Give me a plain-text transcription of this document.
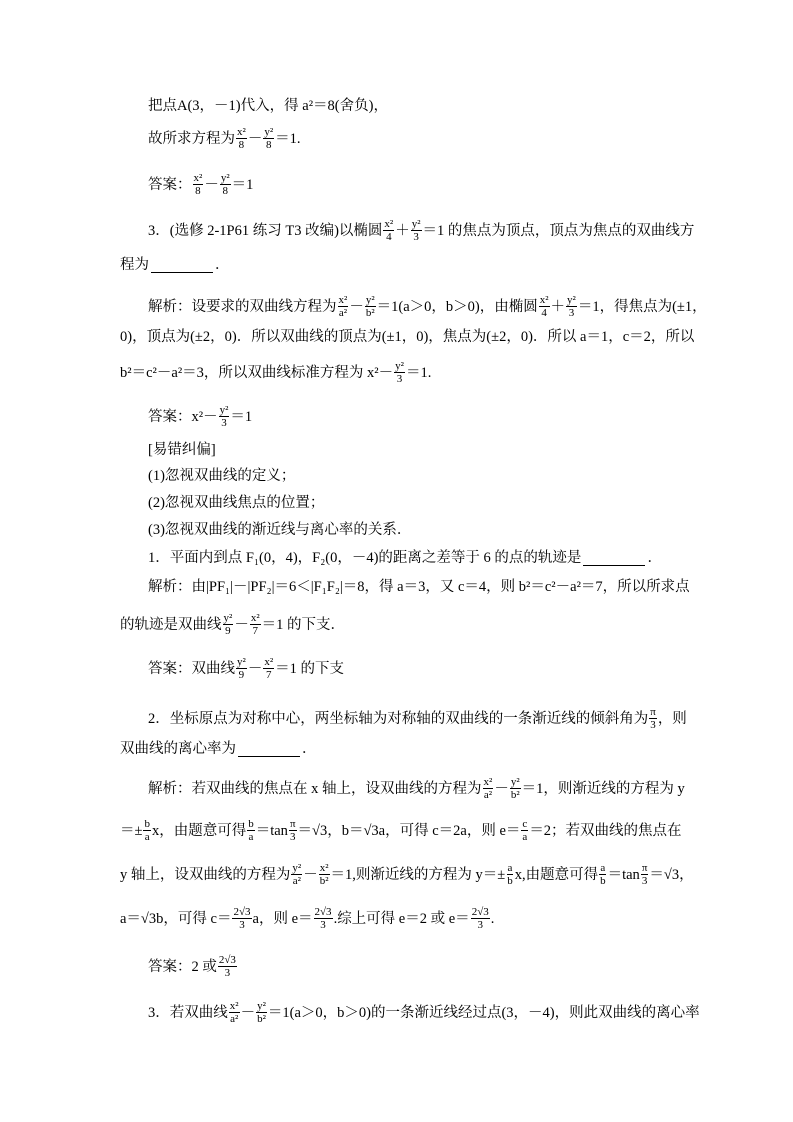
把点A(3，－1)代入，得 a²＝8(舍负)，
故所求方程为 $\frac{\text{x²}}{8} - \frac{\text{y²}}{8} =1$.
答案： $\frac{\text{x²}}{8} - \frac{\text{y²}}{8} =1$
3．(选修 2-1P61 练习 T3 改编)以椭圆 $\frac{\text{x²}}{4} + \frac{\text{y²}}{3} =1$ 的焦点为顶点，顶点为焦点的双曲线方
程为	．
解析：设要求的双曲线方程为 $\frac{\text{x²}}{\text{a²}} - \frac{\text{y²}}{\text{b²}} =1(a>0$，b＞0)，由椭圆 $\frac{\text{x²}}{4} + \frac{\text{y²}}{3} =1$，得焦点为(±1，
0)，顶点为(±2，0)．所以双曲线的顶点为(±1，0)，焦点为(±2，0)．所以 a＝1，c＝2，所以
b²＝c²－a²＝3，所以双曲线标准方程为 $x^2- \frac{\text{y²}}{3} =1$.
答案：$x^2- \frac{\text{y²}}{3} =1$
[易错纠偏]
(1)忽视双曲线的定义；
(2)忽视双曲线焦点的位置；
(3)忽视双曲线的渐近线与离心率的关系．
1．平面内到点 F₁(0，4)，F₂(0，－4)的距离之差等于 6 的点的轨迹是	．
解析：由|PF₁|－|PF₂|＝6＜|F₁F₂|＝8，得 a＝3，又 c＝4，则 b²＝c²－a²＝7，所以所求点
的轨迹是双曲线 $\frac{\text{y²}}{9} - \frac{\text{x²}}{7} =1$ 的下支．
答案：双曲线 $\frac{\text{y²}}{9} - \frac{\text{x²}}{7} =1$ 的下支
2．坐标原点为对称中心，两坐标轴为对称轴的双曲线的一条渐近线的倾斜角为 $\frac{\pi}{3}$ ，则
双曲线的离心率为	．
解析：若双曲线的焦点在 x 轴上，设双曲线的方程为 $\frac{\text{x²}}{\text{a²}} - \frac{\text{y²}}{\text{b²}} =1$，则渐近线的方程为 y
＝± $\frac{b}{a}$ x，由题意可得 $\frac{b}{a} =\tan \frac{\pi}{3} =√3$，b＝√3a，可得 c＝2a，则 $e= \frac{c}{a} =2$；若双曲线的焦点在
y 轴上，设双曲线的方程为 $\frac{\text{y²}}{\text{a²}} - \frac{\text{x²}}{\text{b²}} =1$,则渐近线的方程为 $y=\pm \frac{a}{b} x$,由题意可得 $\frac{a}{b} =\tan \frac{\pi}{3} =√3$，
a＝√3b，可得 $c= \frac{2√3}{3}$ a，则 $e= \frac{2√3}{3}$ .综上可得 e＝2 或 $e= \frac{2√3}{3}$ .
答案：2 或 $\frac{2√3}{3}$
3．若双曲线 $\frac{\text{x²}}{\text{a²}} - \frac{\text{y²}}{\text{b²}} =1(a>0$，b＞0)的一条渐近线经过点(3，－4)，则此双曲线的离心率
